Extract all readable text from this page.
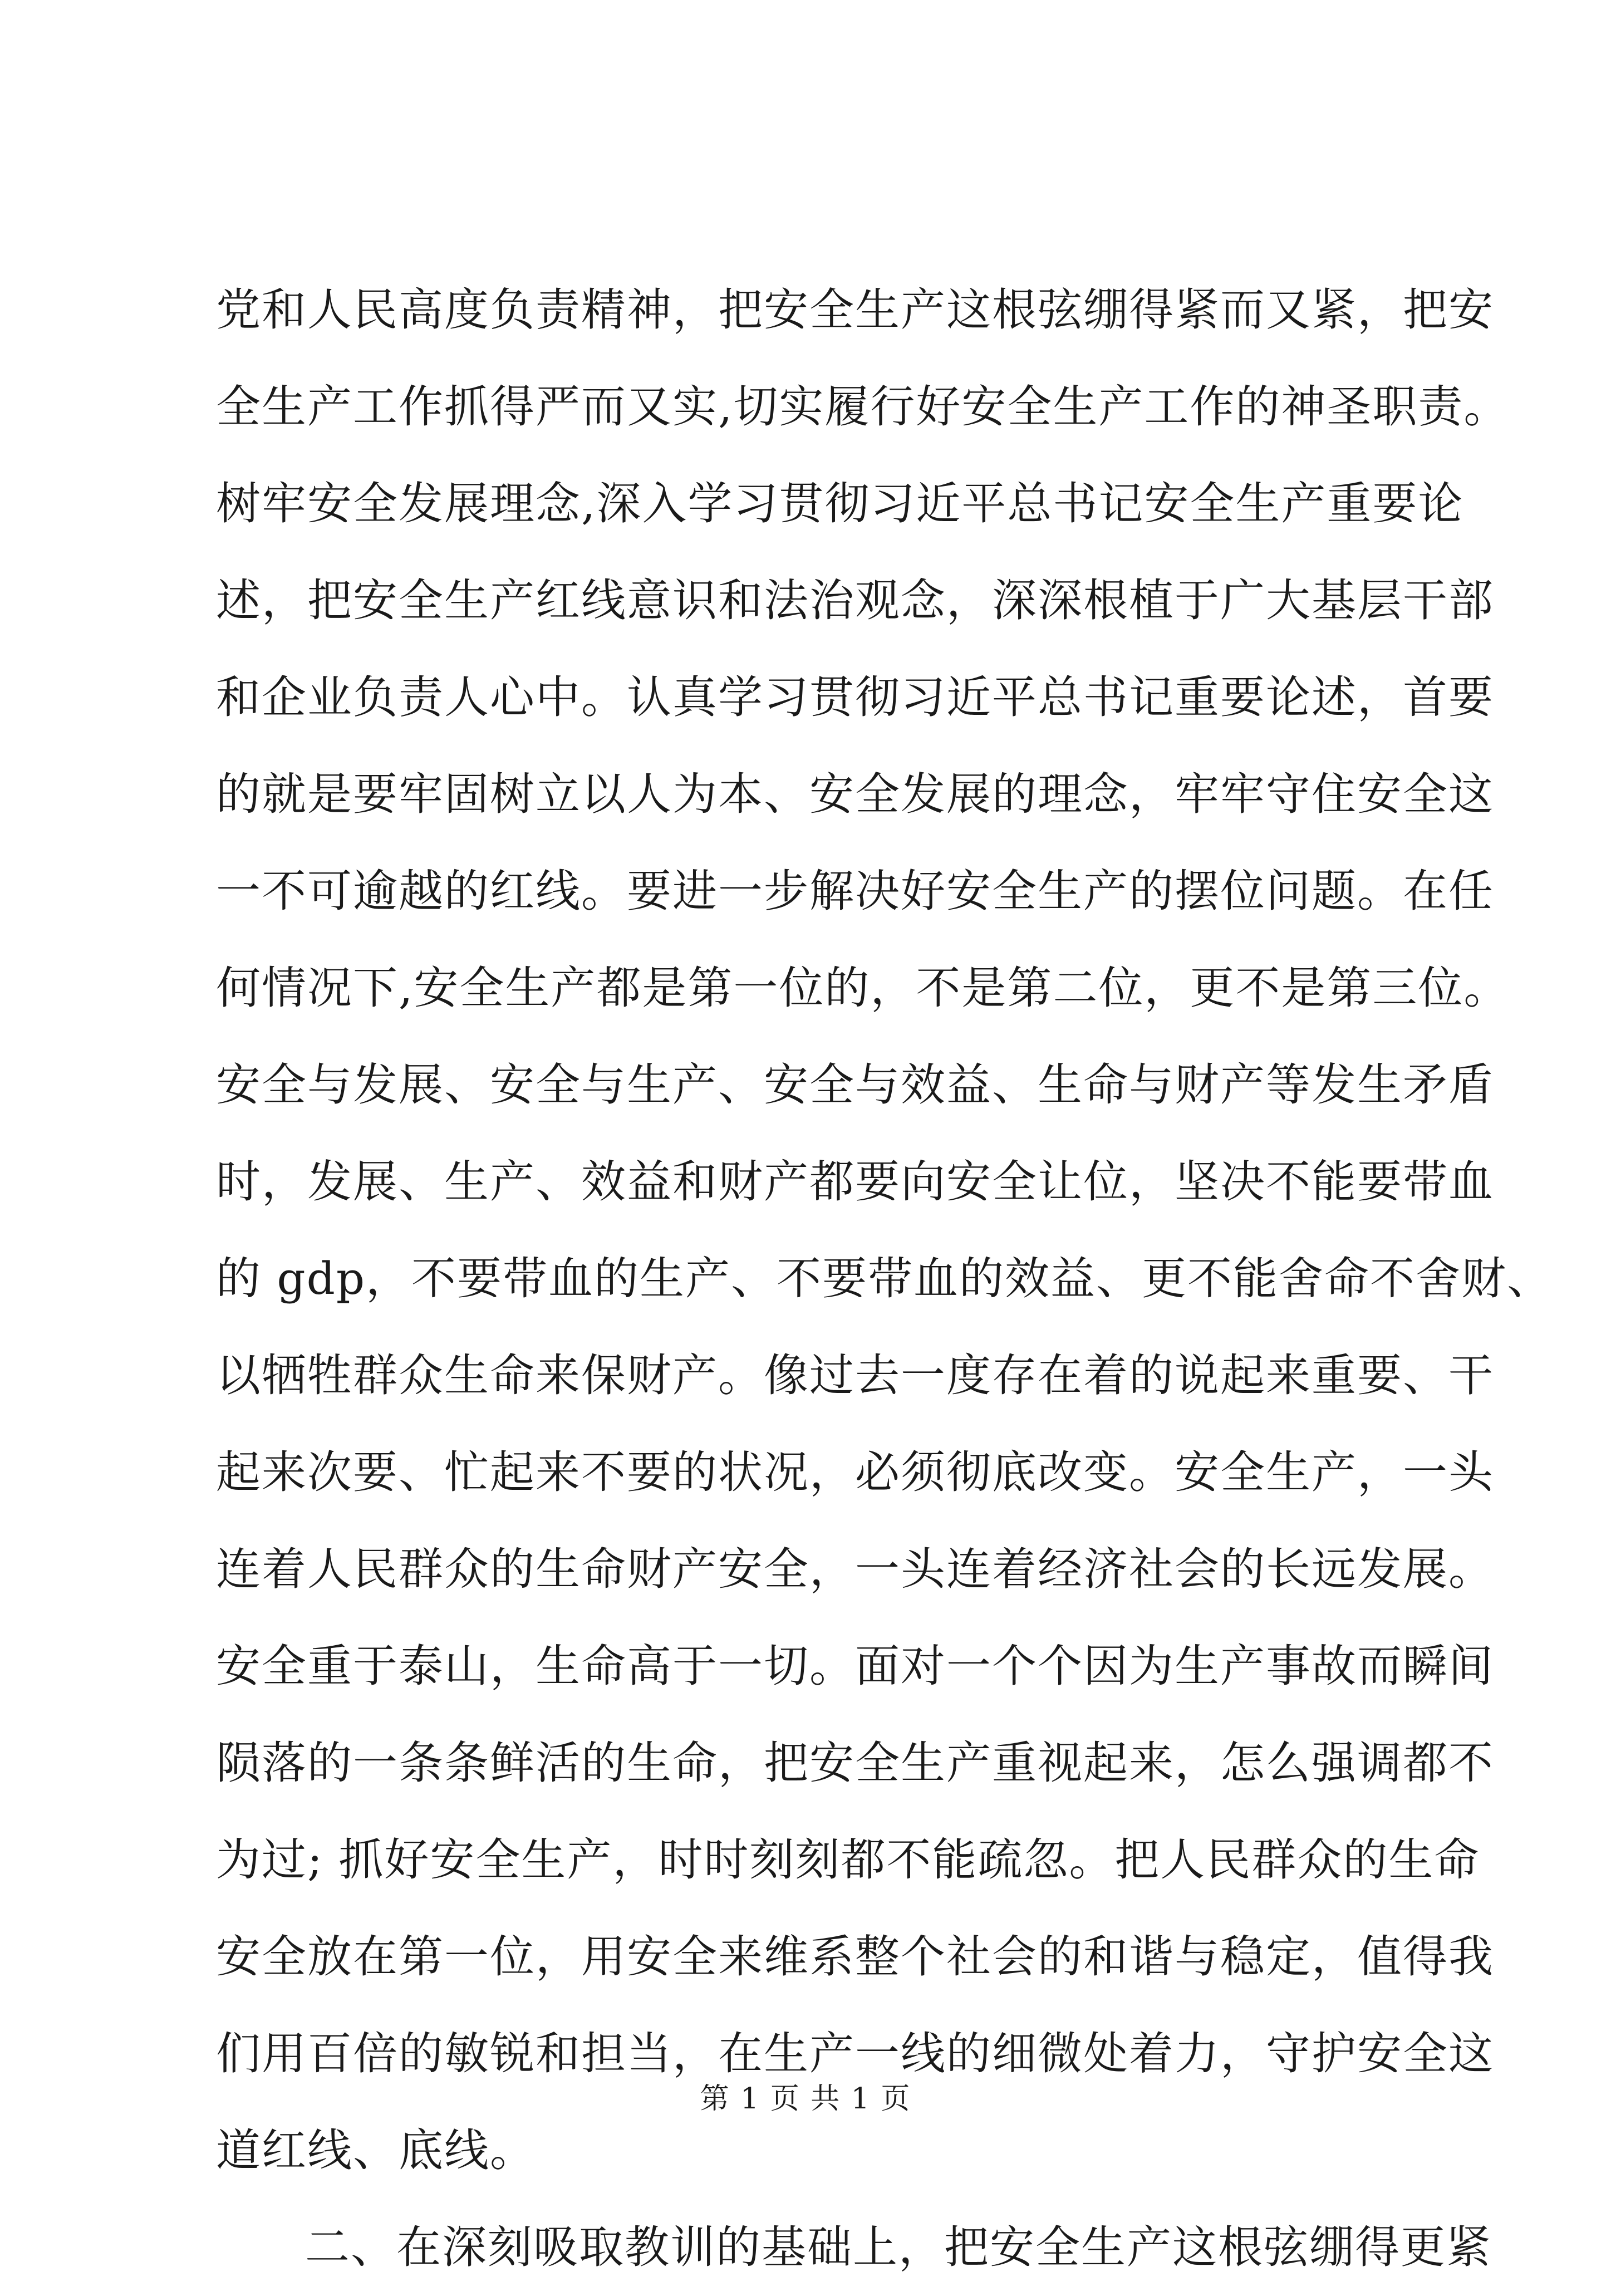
党和人民高度负责精神，把安全生产这根弦绷得紧而又紧，把安
全生产工作抓得严而又实,切实履行好安全生产工作的神圣职责。
树牢安全发展理念,深入学习贯彻习近平总书记安全生产重要论
述，把安全生产红线意识和法治观念，深深根植于广大基层干部
和企业负责人心中。认真学习贯彻习近平总书记重要论述，首要
的就是要牢固树立以人为本、安全发展的理念，牢牢守住安全这
一不可逾越的红线。要进一步解决好安全生产的摆位问题。在任
何情况下,安全生产都是第一位的，不是第二位，更不是第三位。
安全与发展、安全与生产、安全与效益、生命与财产等发生矛盾
时，发展、生产、效益和财产都要向安全让位，坚决不能要带血
的 gdp，不要带血的生产、不要带血的效益、更不能舍命不舍财、
以牺牲群众生命来保财产。像过去一度存在着的说起来重要、干
起来次要、忙起来不要的状况，必须彻底改变。安全生产，一头
连着人民群众的生命财产安全，一头连着经济社会的长远发展。
安全重于泰山，生命高于一切。面对一个个因为生产事故而瞬间
陨落的一条条鲜活的生命，把安全生产重视起来，怎么强调都不
为过; 抓好安全生产，时时刻刻都不能疏忽。把人民群众的生命
安全放在第一位，用安全来维系整个社会的和谐与稳定，值得我
们用百倍的敏锐和担当，在生产一线的细微处着力，守护安全这
道红线、底线。
二、在深刻吸取教训的基础上，把安全生产这根弦绷得更紧
第 1 页 共 1 页
